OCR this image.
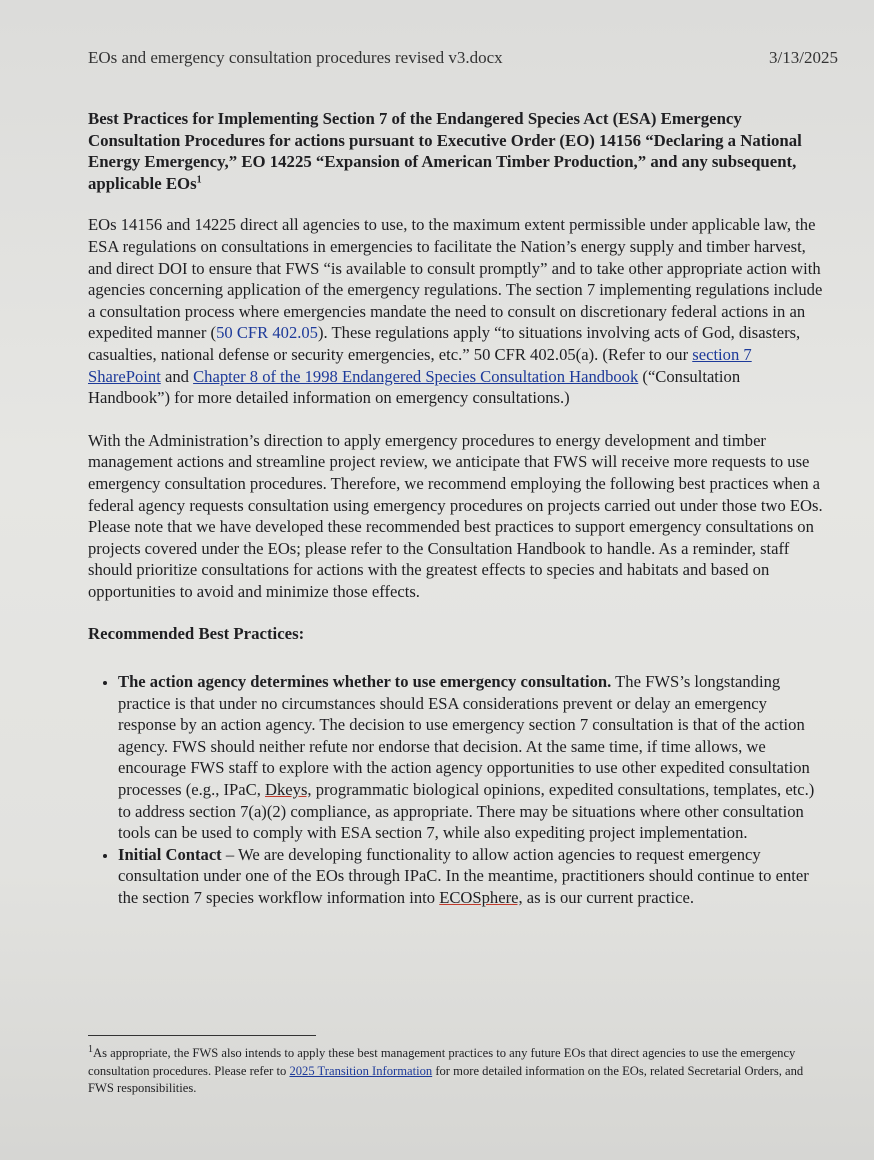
EOs and emergency consultation procedures revised v3.docx	3/13/2025
Best Practices for Implementing Section 7 of the Endangered Species Act (ESA) Emergency Consultation Procedures for actions pursuant to Executive Order (EO) 14156 “Declaring a National Energy Emergency,” EO 14225 “Expansion of American Timber Production,” and any subsequent, applicable EOs$^1$

EOs 14156 and 14225 direct all agencies to use, to the maximum extent permissible under applicable law, the ESA regulations on consultations in emergencies to facilitate the Nation’s energy supply and timber harvest, and direct DOI to ensure that FWS “is available to consult promptly” and to take other appropriate action with agencies concerning application of the emergency regulations. The section 7 implementing regulations include a consultation process where emergencies mandate the need to consult on discretionary federal actions in an expedited manner (50 CFR 402.05). These regulations apply “to situations involving acts of God, disasters, casualties, national defense or security emergencies, etc.” 50 CFR 402.05(a). (Refer to our section 7 SharePoint and Chapter 8 of the 1998 Endangered Species Consultation Handbook (“Consultation Handbook”) for more detailed information on emergency consultations.)

With the Administration’s direction to apply emergency procedures to energy development and timber management actions and streamline project review, we anticipate that FWS will receive more requests to use emergency consultation procedures. Therefore, we recommend employing the following best practices when a federal agency requests consultation using emergency procedures on projects carried out under those two EOs. Please note that we have developed these recommended best practices to support emergency consultations on projects covered under the EOs; please refer to the Consultation Handbook to handle. As a reminder, staff should prioritize consultations for actions with the greatest effects to species and habitats and based on opportunities to avoid and minimize those effects.

Recommended Best Practices:
• The action agency determines whether to use emergency consultation. The FWS’s longstanding practice is that under no circumstances should ESA considerations prevent or delay an emergency response by an action agency. The decision to use emergency section 7 consultation is that of the action agency. FWS should neither refute nor endorse that decision. At the same time, if time allows, we encourage FWS staff to explore with the action agency opportunities to use other expedited consultation processes (e.g., IPaC, Dkeys, programmatic biological opinions, expedited consultations, templates, etc.) to address section 7(a)(2) compliance, as appropriate. There may be situations where other consultation tools can be used to comply with ESA section 7, while also expediting project implementation.
• Initial Contact – We are developing functionality to allow action agencies to request emergency consultation under one of the EOs through IPaC. In the meantime, practitioners should continue to enter the section 7 species workflow information into ECOSphere, as is our current practice.
$^1$As appropriate, the FWS also intends to apply these best management practices to any future EOs that direct agencies to use the emergency consultation procedures. Please refer to 2025 Transition Information for more detailed information on the EOs, related Secretarial Orders, and FWS responsibilities.
